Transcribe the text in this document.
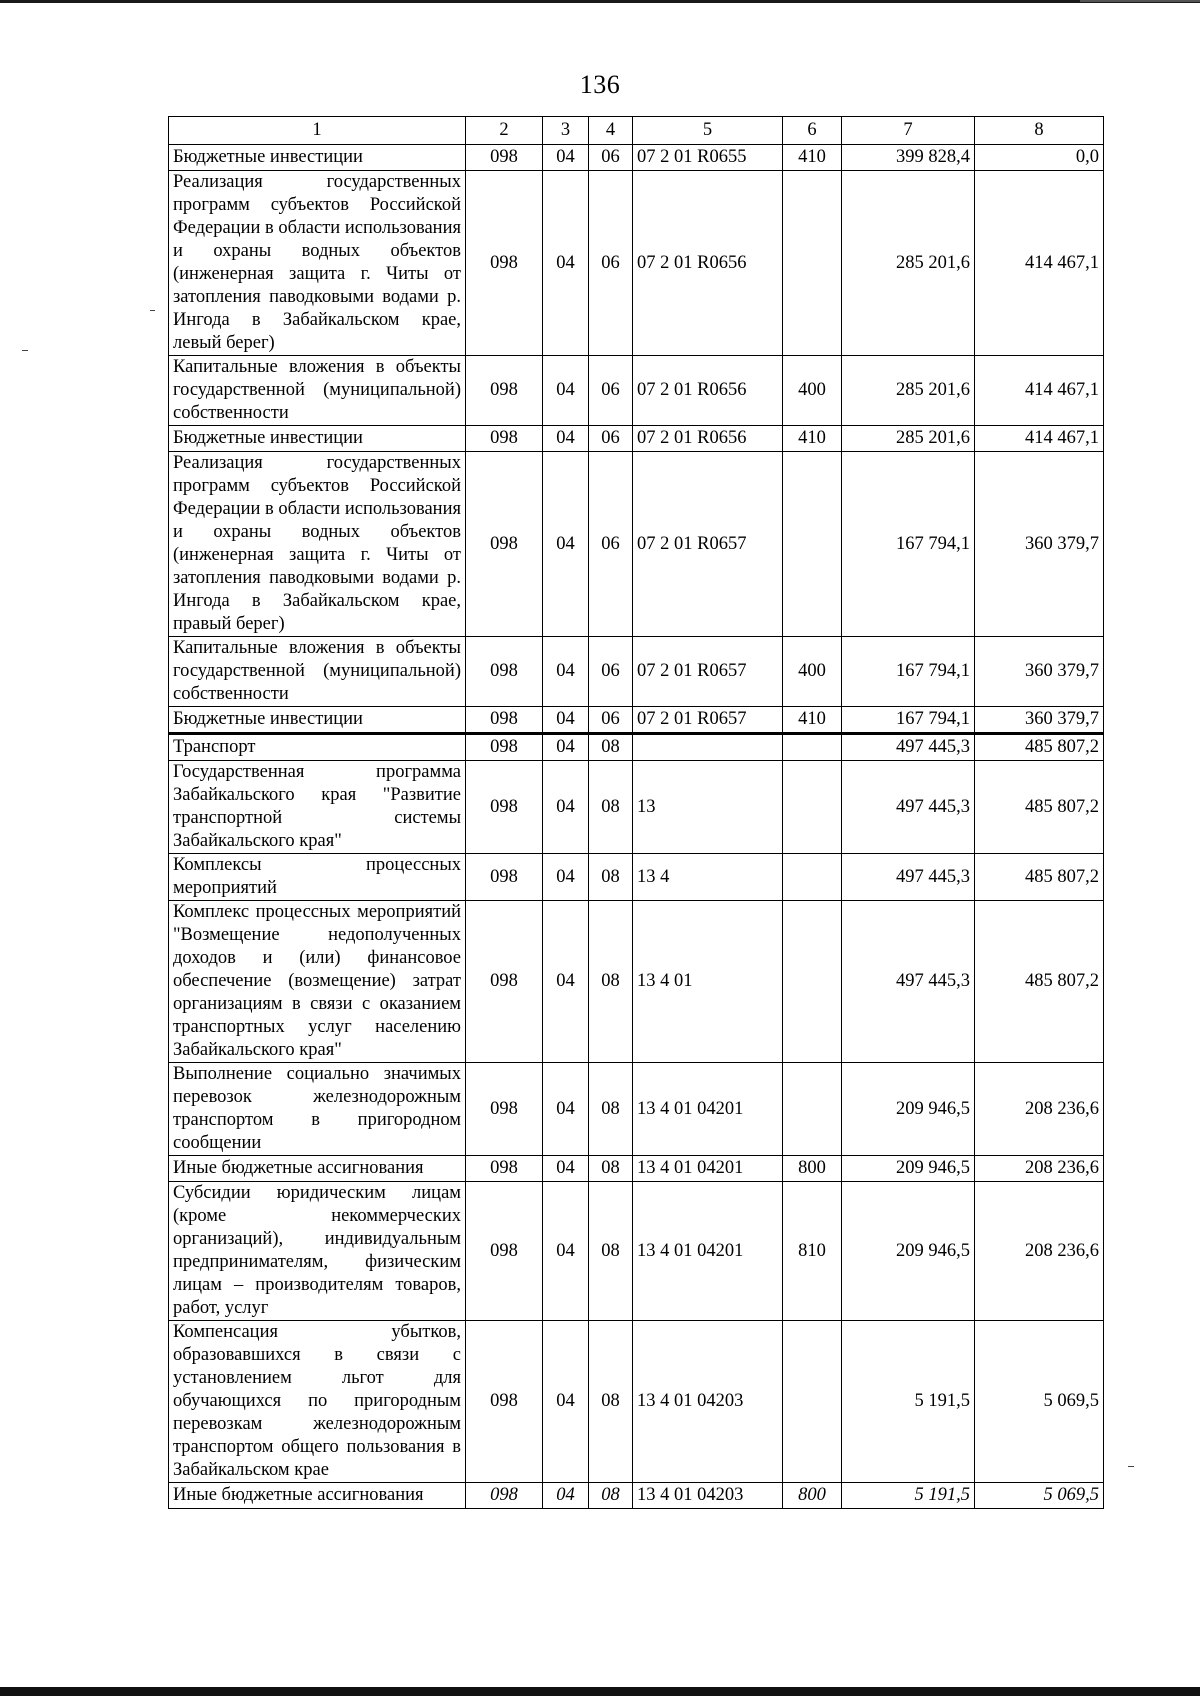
136
1	2	3	4	5	6	7	8
Бюджетные инвестиции	098	04	06	07 2 01 R0655	410	399 828,4	0,0
Реализация государственных программ субъектов Российской Федерации в области использования и охраны водных объектов (инженерная защита г. Читы от затопления паводковыми водами р. Ингода в Забайкальском крае, левый берег)	098	04	06	07 2 01 R0656		285 201,6	414 467,1
Капитальные вложения в объекты государственной (муниципальной) собственности	098	04	06	07 2 01 R0656	400	285 201,6	414 467,1
Бюджетные инвестиции	098	04	06	07 2 01 R0656	410	285 201,6	414 467,1
Реализация государственных программ субъектов Российской Федерации в области использования и охраны водных объектов (инженерная защита г. Читы от затопления паводковыми водами р. Ингода в Забайкальском крае, правый берег)	098	04	06	07 2 01 R0657		167 794,1	360 379,7
Капитальные вложения в объекты государственной (муниципальной) собственности	098	04	06	07 2 01 R0657	400	167 794,1	360 379,7
Бюджетные инвестиции	098	04	06	07 2 01 R0657	410	167 794,1	360 379,7
Транспорт	098	04	08			497 445,3	485 807,2
Государственная программа Забайкальского края "Развитие транспортной системы Забайкальского края"	098	04	08	13		497 445,3	485 807,2
Комплексы процессных мероприятий	098	04	08	13 4		497 445,3	485 807,2
Комплекс процессных мероприятий "Возмещение недополученных доходов и (или) финансовое обеспечение (возмещение) затрат организациям в связи с оказанием транспортных услуг населению Забайкальского края"	098	04	08	13 4 01		497 445,3	485 807,2
Выполнение социально значимых перевозок железнодорожным транспортом в пригородном сообщении	098	04	08	13 4 01 04201		209 946,5	208 236,6
Иные бюджетные ассигнования	098	04	08	13 4 01 04201	800	209 946,5	208 236,6
Субсидии юридическим лицам (кроме некоммерческих организаций), индивидуальным предпринимателям, физическим лицам – производителям товаров, работ, услуг	098	04	08	13 4 01 04201	810	209 946,5	208 236,6
Компенсация убытков, образовавшихся в связи с установлением льгот для обучающихся по пригородным перевозкам железнодорожным транспортом общего пользования в Забайкальском крае	098	04	08	13 4 01 04203		5 191,5	5 069,5
Иные бюджетные ассигнования	098	04	08	13 4 01 04203	800	5 191,5	5 069,5
